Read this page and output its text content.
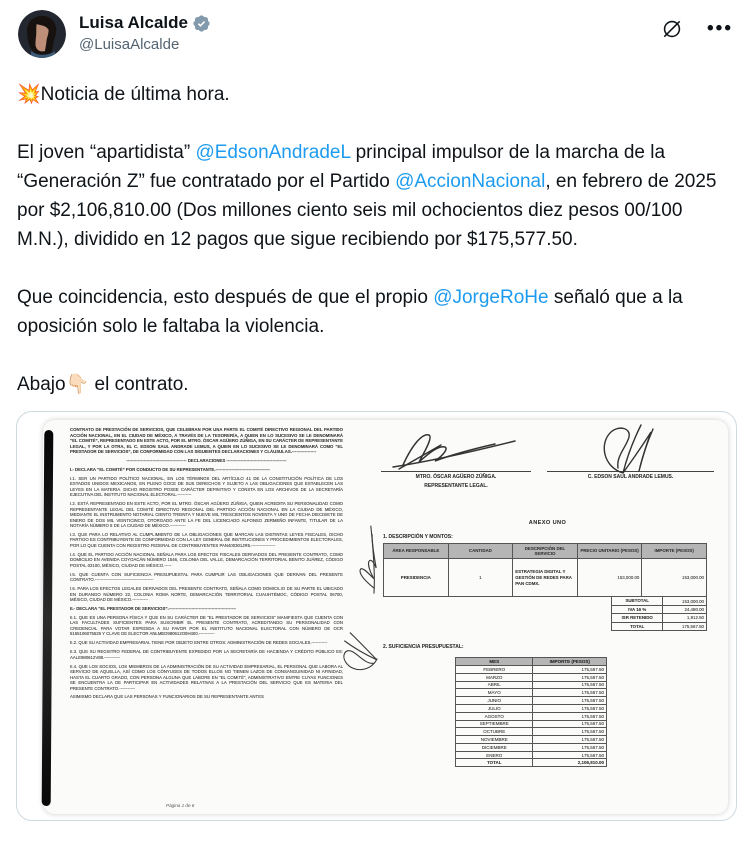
Luisa Alcalde
@LuisaAlcalde
•••

💥Noticia de última hora.

El joven “apartidista” @EdsonAndradeL principal impulsor de la marcha de la “Generación Z” fue contratado por el Partido @AccionNacional, en febrero de 2025 por $2,106,810.00 (Dos millones ciento seis mil ochocientos diez pesos 00/100 M.N.), dividido en 12 pagos que sigue recibiendo por $175,577.50.

Que coincidencia, esto después de que el propio @JorgeRoHe señaló que a la oposición solo le faltaba la violencia.

Abajo👇🏻 el contrato.

CONTRATO DE PRESTACIÓN DE SERVICIOS, QUE CELEBRAN POR UNA PARTE EL COMITÉ DIRECTIVO REGIONAL DEL PARTIDO ACCIÓN NACIONAL, EN EL CIUDAD DE MÉXICO, A TRAVÉS DE LA TESORERÍA, A QUIEN EN LO SUCESIVO SE LE DENOMINARÁ “EL COMITÉ”, REPRESENTADO EN ESTE ACTO, POR EL MTRO. ÓSCAR AGÜERO ZÚÑIGA, EN SU CARÁCTER DE REPRESENTANTE LEGAL, Y POR LA OTRA, EL C. EDSON SAUL ANDRADE LEMUS, A QUIEN EN LO SUCESIVO SE LE DENOMINARÁ COMO “EL PRESTADOR DE SERVICIOS”, DE CONFORMIDAD CON LAS SIGUIENTES DECLARACIONES Y CLÁUSULAS.-----------------

------------------------------------------ DECLARACIONES ------------------------------------------

I.- DECLARA “EL COMITÉ” POR CONDUCTO DE SU REPRESENTANTE.--------------------------------------

I.1. SER UN PARTIDO POLÍTICO NACIONAL, EN LOS TÉRMINOS DEL ARTÍCULO 41 DE LA CONSTITUCIÓN POLÍTICA DE LOS ESTADOS UNIDOS MEXICANOS, EN PLENO GOCE DE SUS DERECHOS Y SUJETO A LAS OBLIGACIONES QUE ESTABLECEN LAS LEYES EN LA MATERIA. DICHO REGISTRO POSEE CARÁCTER DEFINITIVO Y CONSTA EN LOS ARCHIVOS DE LA SECRETARÍA EJECUTIVA DEL INSTITUTO NACIONAL ELECTORAL.----------

I.2. ESTÁ REPRESENTADO EN ESTE ACTO, POR EL MTRO. ÓSCAR AGÜERO ZÚÑIGA, QUIEN ACREDITA SU PERSONALIDAD COMO REPRESENTANTE LEGAL DEL COMITÉ DIRECTIVO REGIONAL DEL PARTIDO ACCIÓN NACIONAL EN LA CIUDAD DE MÉXICO, MEDIANTE EL INSTRUMENTO NOTARIAL CIENTO TREINTA Y NUEVE MIL TRESCIENTOS NOVENTA Y UNO DE FECHA DIECISIETE DE ENERO DE DOS MIL VEINTICINCO, OTORGADO ANTE LA FE DEL LICENCIADO ALFONSO ZERMEÑO INFANTE, TITULAR DE LA NOTARÍA NÚMERO 5 DE LA CIUDAD DE MÉXICO.-----------

I.3. QUE PARA LO RELATIVO AL CUMPLIMIENTO DE LA OBLIGACIONES QUE MARCAN LAS DISTINTAS LEYES FISCALES, DICHO PARTIDO ES CONTRIBUYENTE DE CONFORMIDAD CON LA LEY GENERAL DE INSTITUCIONES Y PROCEDIMIENTOS ELECTORALES, POR LO QUE CUENTA CON REGISTRO FEDERAL DE CONTRIBUYENTES PAN400301JR5.-----------------

I.4. QUE EL PARTIDO ACCIÓN NACIONAL SEÑALA PARA LOS EFECTOS FISCALES DERIVADOS DEL PRESENTE CONTRATO, COMO DOMICILIO EN AVENIDA COYOACÁN NÚMERO 1546, COLONIA DEL VALLE, DEMARCACIÓN TERRITORIAL BENITO JUÁREZ, CÓDIGO POSTAL 03100, MÉXICO, CIUDAD DE MÉXICO.-----

I.5. QUE CUENTA CON SUFICIENCIA PRESUPUESTAL PARA CUMPLIR LAS OBLIGACIONES QUE DERIVAN DEL PRESENTE CONTRATO.-----------------------------------------

I.6. PARA LOS EFECTOS LEGALES DERIVADOS DEL PRESENTE CONTRATO, SEÑALA COMO DOMICILIO DE SU PARTE EL UBICADO EN DURANGO NÚMERO 22, COLONIA ROMA NORTE, DEMARCACIÓN TERRITORIAL CUAUHTÉMOC, CÓDIGO POSTAL 06700, MÉXICO, CIUDAD DE MÉXICO.-----------

II.- DECLARA “EL PRESTADOR DE SERVICIOS”.-----------------------------------------------

II.1. QUE ES UNA PERSONA FÍSICA Y QUE EN SU CARÁCTER DE “EL PRESTADOR DE SERVICIOS” MANIFIESTA QUE CUENTA CON LAS FACULTADES SUFICIENTES PARA SUSCRIBIR EL PRESENTE CONTRATO, ACREDITANDO SU PERSONALIDAD CON CREDENCIAL PARA VOTAR EXPEDIDA A SU FAVOR POR EL INSTITUTO NACIONAL ELECTORAL CON NÚMERO DE OCR 5155106075525 Y CLAVE DE ELECTOR ANLMED980612O0H400.-----------

II.2. QUE SU ACTIVIDAD EMPRESARIAL TIENE POR OBJETO ENTRE OTROS: ADMINISTRACIÓN DE REDES SOCIALES.-----------

II.3. QUE SU REGISTRO FEDERAL DE CONTRIBUYENTE EXPEDIDO POR LA SECRETARÍA DE HACIENDA Y CRÉDITO PÚBLICO ES: AALE980612V88.-----------

II.4. QUE LOS SOCIOS, LOS MIEMBROS DE LA ADMINISTRACIÓN DE SU ACTIVIDAD EMPRESARIAL, EL PERSONAL QUE LABORA AL SERVICIO DE AQUELLA, ASÍ COMO LOS CÓNYUGES DE TODOS ELLOS NO TIENEN LAZOS DE CONSANGUINIDAD NI AFINIDAD, HASTA EL CUARTO GRADO, CON PERSONA ALGUNA QUE LABORE EN “EL COMITÉ”, ADMINISTRATIVO ENTRE CUYAS FUNCIONES SE ENCUENTRA LA DE PARTICIPAR EN ACTIVIDADES RELATIVAS A LA PRESTACIÓN DEL SERVICIO QUE ES MATERIA DEL PRESENTE CONTRATO.-----------

ASIMISMO DECLARA QUE LAS PERSONAS Y FUNCIONARIOS DE SU REPRESENTANTE ANTES

Página 1 de 6
MTRO. ÓSCAR AGÜERO ZÚÑIGA.
REPRESENTANTE LEGAL.
C. EDSON SAUL ANDRADE LEMUS.
ANEXO UNO
1. DESCRIPCIÓN Y MONTOS:
ÁREA RESPONSABLE	CANTIDAD	DESCRIPCIÓN DEL SERVICIO	PRECIO UNITARIO (PESOS)	IMPORTE (PESOS)
PRESIDENCIA	1	ESTRATEGIA DIGITAL Y GESTIÓN DE REDES PARA PAN CDMX.	153,000.00	153,000.00
SUBTOTAL	153,000.00
IVA 16 %	24,480.00
ISR RETENIDO	1,912.50
TOTAL	175,567.50
2. SUFICIENCIA PRESUPUESTAL:
MES	IMPORTE (PESOS)
FEBRERO	175,567.50
MARZO	175,567.50
ABRIL	175,567.50
MAYO	175,567.50
JUNIO	175,567.50
JULIO	175,567.50
AGOSTO	175,567.50
SEPTIEMBRE	175,567.50
OCTUBRE	175,567.50
NOVIEMBRE	175,567.50
DICIEMBRE	175,567.50
ENERO	175,567.50
TOTAL	2,106,810.00
